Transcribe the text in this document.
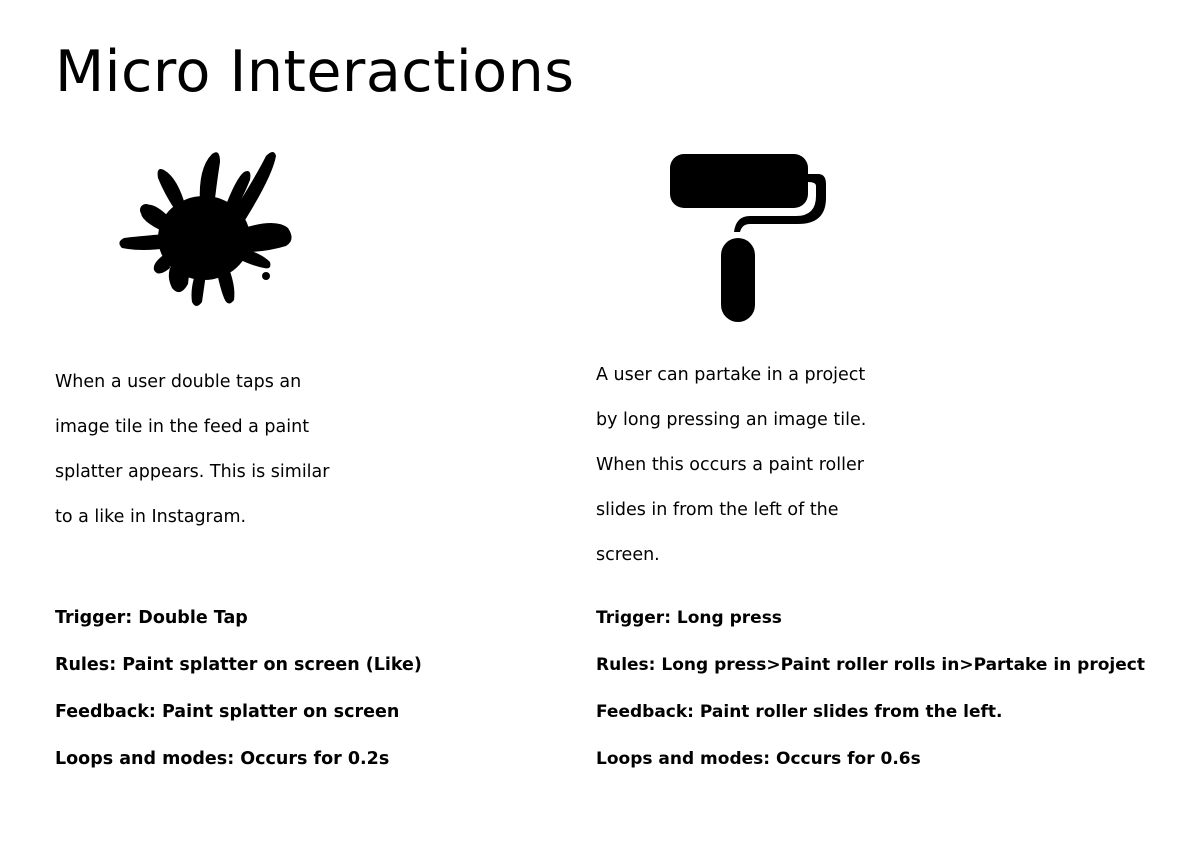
Micro Interactions
When a user double taps an
image tile in the feed a paint
splatter appears. This is similar
to a like in Instagram.
A user can partake in a project
by long pressing an image tile.
When this occurs a paint roller
slides in from the left of the
screen.
Trigger: Double Tap
Rules: Paint splatter on screen (Like)
Feedback: Paint splatter on screen
Loops and modes: Occurs for 0.2s
Trigger: Long press
Rules: Long press>Paint roller rolls in>Partake in project
Feedback: Paint roller slides from the left.
Loops and modes: Occurs for 0.6s
